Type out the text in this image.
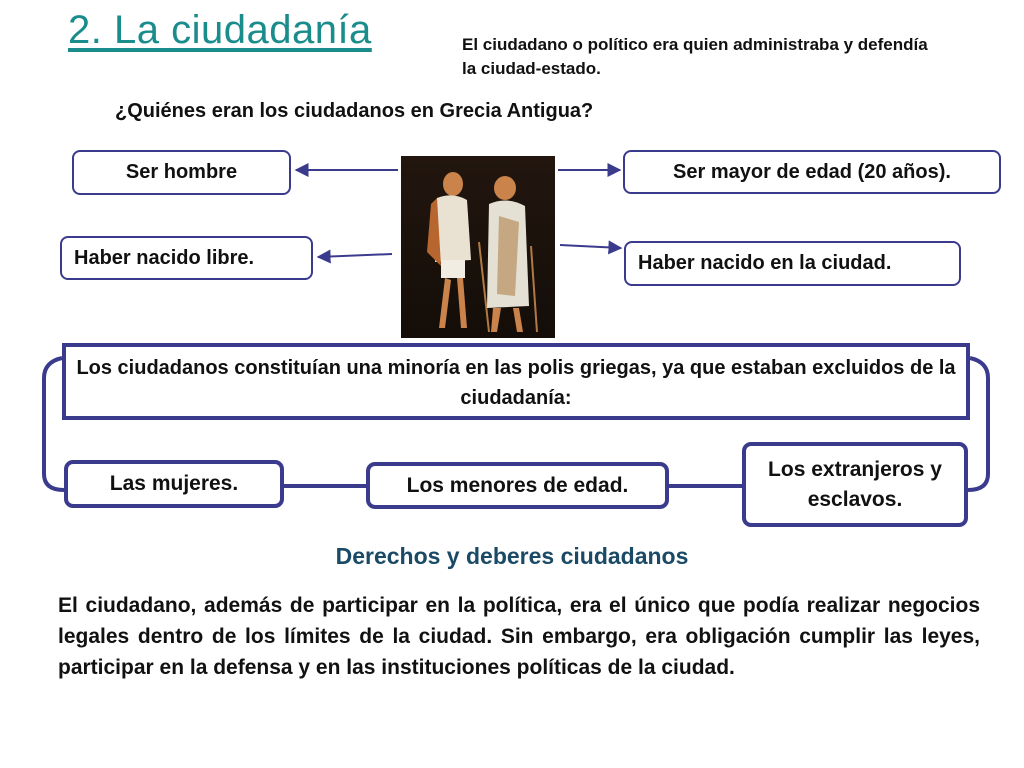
2. La ciudadanía	El ciudadano o político era quien administraba y defendía la ciudad-estado.
¿Quiénes eran los ciudadanos en Grecia Antigua?
Ser hombre	Ser mayor de edad (20 años).
Haber nacido libre.	Haber nacido en la ciudad.
Los ciudadanos constituían una minoría en las polis griegas, ya que estaban excluidos de la ciudadanía:
Las mujeres.	Los menores de edad.
Los extranjeros y esclavos.
Derechos y deberes ciudadanos
El ciudadano, además de participar en la política, era el único que podía realizar negocios legales dentro de los límites de la ciudad. Sin embargo, era obligación cumplir las leyes, participar en la defensa y en las instituciones políticas de la ciudad.
